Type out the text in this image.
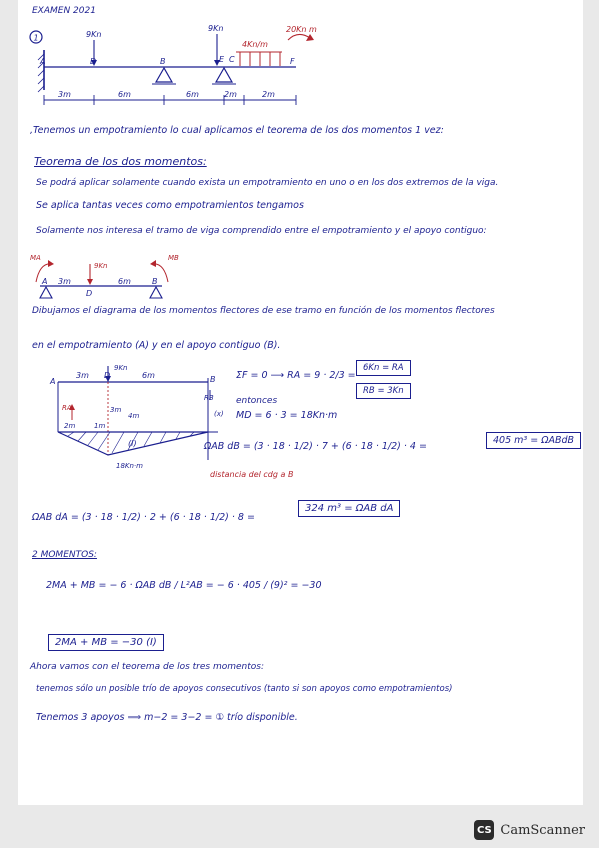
EXAMEN 2021
1
A	D	B	E C	F
9Kn
9Kn
4Kn/m
20Kn m
3m	6m	6m	2m	2m
,Tenemos un empotramiento lo cual aplicamos el teorema de los dos momentos 1 vez:
Teorema de los dos momentos:
Se podrá aplicar solamente cuando exista un empotramiento en uno o en los dos extremos de la viga.
Se aplica tantas veces como empotramientos tengamos
Solamente nos interesa el tramo de viga comprendido entre el empotramiento y el apoyo contiguo:
MA	MB
9Kn
A 3m
D
6m	B
Dibujamos el diagrama de los momentos flectores de ese tramo en función de los momentos flectores
en el empotramiento (A) y en el apoyo contiguo (B).
A
D	B
9Kn
3m	6m
RA
RB
(x)
2m	1m
3m
4m
(I)
18Kn·m
ΣF = 0 ⟶ RA = 9 · 2/3 =
6Kn = RA
RB = 3Kn
entonces
MD = 6 · 3 = 18Kn·m
ΩAB dB = (3 · 18 · 1/2) · 7 + (6 · 18 · 1/2) · 4 =
405 m³ = ΩABdB
distancia del cdg a B
ΩAB dA = (3 · 18 · 1/2) · 2 + (6 · 18 · 1/2) · 8 =
324 m³ = ΩAB dA
2 MOMENTOS:
2MA + MB = − 6 · ΩAB dB / L²AB = − 6 · 405 / (9)² = −30
2MA + MB = −30 (I)
Ahora vamos con el teorema de los tres momentos:
tenemos sólo un posible trío de apoyos consecutivos (tanto si son apoyos como empotramientos)
Tenemos 3 apoyos ⟹ m−2 = 3−2 = ① trío disponible.
CS CamScanner
